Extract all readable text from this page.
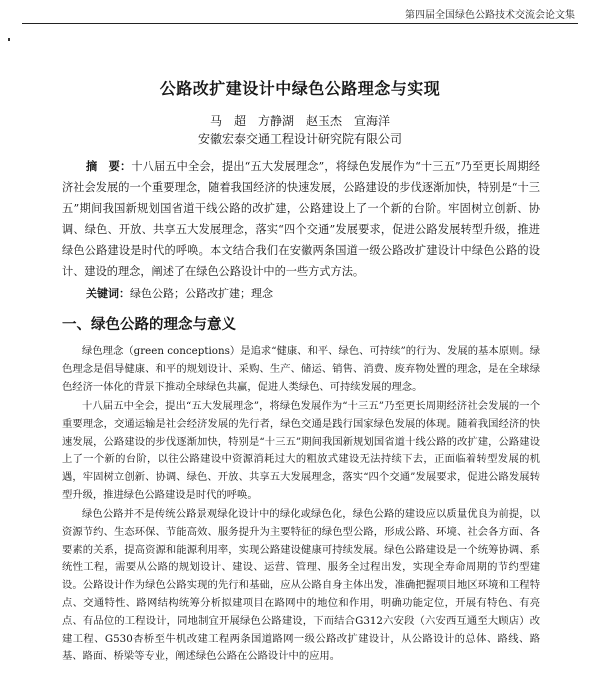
第四届全国绿色公路技术交流会论文集
公路改扩建设计中绿色公路理念与实现
马　超　方静湖　赵玉杰　宣海洋
安徽宏泰交通工程设计研究院有限公司

摘　要：十八届五中全会，提出“五大发展理念”，将绿色发展作为“十三五”乃至更长周期经济社会发展的一个重要理念，随着我国经济的快速发展，公路建设的步伐逐渐加快，特别是“十三五”期间我国新规划国省道干线公路的改扩建，公路建设上了一个新的台阶。牢固树立创新、协调、绿色、开放、共享五大发展理念，落实“四个交通”发展要求，促进公路发展转型升级，推进绿色公路建设是时代的呼唤。本文结合我们在安徽两条国道一级公路改扩建设计中绿色公路的设计、建设的理念，阐述了在绿色公路设计中的一些方式方法。

关键词：绿色公路；公路改扩建；理念
一、绿色公路的理念与意义

绿色理念（green conceptions）是追求“健康、和平、绿色、可持续”的行为、发展的基本原则。绿色理念是倡导健康、和平的规划设计、采购、生产、储运、销售、消费、废弃物处置的理念，是在全球绿色经济一体化的背景下推动全球绿色共赢，促进人类绿色、可持续发展的理念。

十八届五中全会，提出“五大发展理念”，将绿色发展作为“十三五”乃至更长周期经济社会发展的一个重要理念，交通运输是社会经济发展的先行者，绿色交通是践行国家绿色发展的体现。随着我国经济的快速发展，公路建设的步伐逐渐加快，特别是“十三五”期间我国新规划国省道十线公路的改扩建，公路建设上了一个新的台阶，以往公路建设中资源消耗过大的粗放式建设无法持续下去，正面临着转型发展的机遇，牢固树立创新、协调、绿色、开放、共享五大发展理念，落实“四个交通”发展要求，促进公路发展转型升级，推进绿色公路建设是时代的呼唤。

绿色公路并不是传统公路景观绿化设计中的绿化或绿色化，绿色公路的建设应以质量优良为前提，以资源节约、生态环保、节能高效、服务提升为主要特征的绿色型公路，形成公路、环境、社会各方面、各要素的关系，提高资源和能源利用率，实现公路建设健康可持续发展。绿色公路建设是一个统筹协调、系统性工程，需要从公路的规划设计、建设、运营、管理、服务全过程出发，实现全寿命周期的节约型建设。公路设计作为绿色公路实现的先行和基础，应从公路自身主体出发，准确把握项目地区环境和工程特点、交通特性、路网结构统筹分析拟建项目在路网中的地位和作用，明确功能定位，开展有特色、有亮点、有品位的工程设计，同地制宜开展绿色公路建设，下而结合G312六安段（六安西互通至大顾店）改建工程、G530杏桥至牛机改建工程两条国道路网一级公路改扩建设计，从公路设计的总体、路线、路基、路面、桥梁等专业，阐述绿色公路在公路设计中的应用。
